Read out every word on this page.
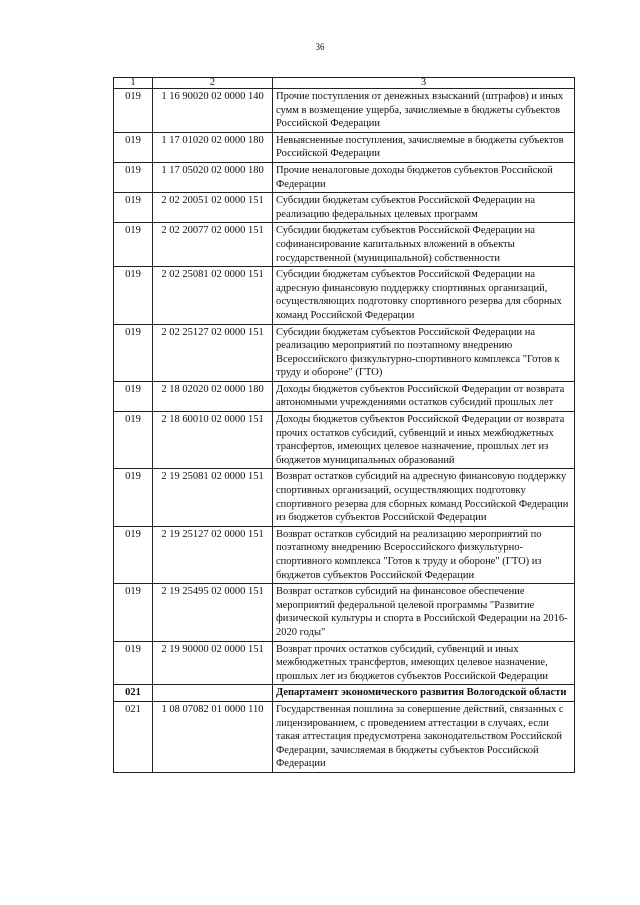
36
1	2	3
019	1 16 90020 02 0000 140	Прочие поступления от денежных взысканий (штрафов) и иных сумм в возмещение ущерба, зачисляемые в бюджеты субъектов Российской Федерации
019	1 17 01020 02 0000 180	Невыясненные поступления, зачисляемые в бюджеты субъектов Российской Федерации
019	1 17 05020 02 0000 180	Прочие неналоговые доходы бюджетов субъектов Российской Федерации
019	2 02 20051 02 0000 151	Субсидии бюджетам субъектов Российской Федерации на реализацию федеральных целевых программ
019	2 02 20077 02 0000 151	Субсидии бюджетам субъектов Российской Федерации на софинансирование капитальных вложений в объекты государственной (муниципальной) собственности
019	2 02 25081 02 0000 151	Субсидии бюджетам субъектов Российской Федерации на адресную финансовую поддержку спортивных организаций, осуществляющих подготовку спортивного резерва для сборных команд Российской Федерации
019	2 02 25127 02 0000 151	Субсидии бюджетам субъектов Российской Федерации на реализацию мероприятий по поэтапному внедрению Всероссийского физкультурно-спортивного комплекса "Готов к труду и обороне" (ГТО)
019	2 18 02020 02 0000 180	Доходы бюджетов субъектов Российской Федерации от возврата автономными учреждениями остатков субсидий прошлых лет
019	2 18 60010 02 0000 151	Доходы бюджетов субъектов Российской Федерации от возврата прочих остатков субсидий, субвенций и иных межбюджетных трансфертов, имеющих целевое назначение, прошлых лет из бюджетов муниципальных образований
019	2 19 25081 02 0000 151	Возврат остатков субсидий на адресную финансовую поддержку спортивных организаций, осуществляющих подготовку спортивного резерва для сборных команд Российской Федерации из бюджетов субъектов Российской Федерации
019	2 19 25127 02 0000 151	Возврат остатков субсидий на реализацию мероприятий по поэтапному внедрению Всероссийского физкультурно-спортивного комплекса "Готов к труду и обороне" (ГТО) из бюджетов субъектов Российской Федерации
019	2 19 25495 02 0000 151	Возврат остатков субсидий на финансовое обеспечение мероприятий федеральной целевой программы "Развитие физической культуры и спорта в Российской Федерации на 2016-2020 годы"
019	2 19 90000 02 0000 151	Возврат прочих остатков субсидий, субвенций и иных межбюджетных трансфертов, имеющих целевое назначение, прошлых лет из бюджетов субъектов Российской Федерации
021		Департамент экономического развития Вологодской области
021	1 08 07082 01 0000 110	Государственная пошлина за совершение действий, связанных с лицензированием, с проведением аттестации в случаях, если такая аттестация предусмотрена законодательством Российской Федерации, зачисляемая в бюджеты субъектов Российской Федерации
